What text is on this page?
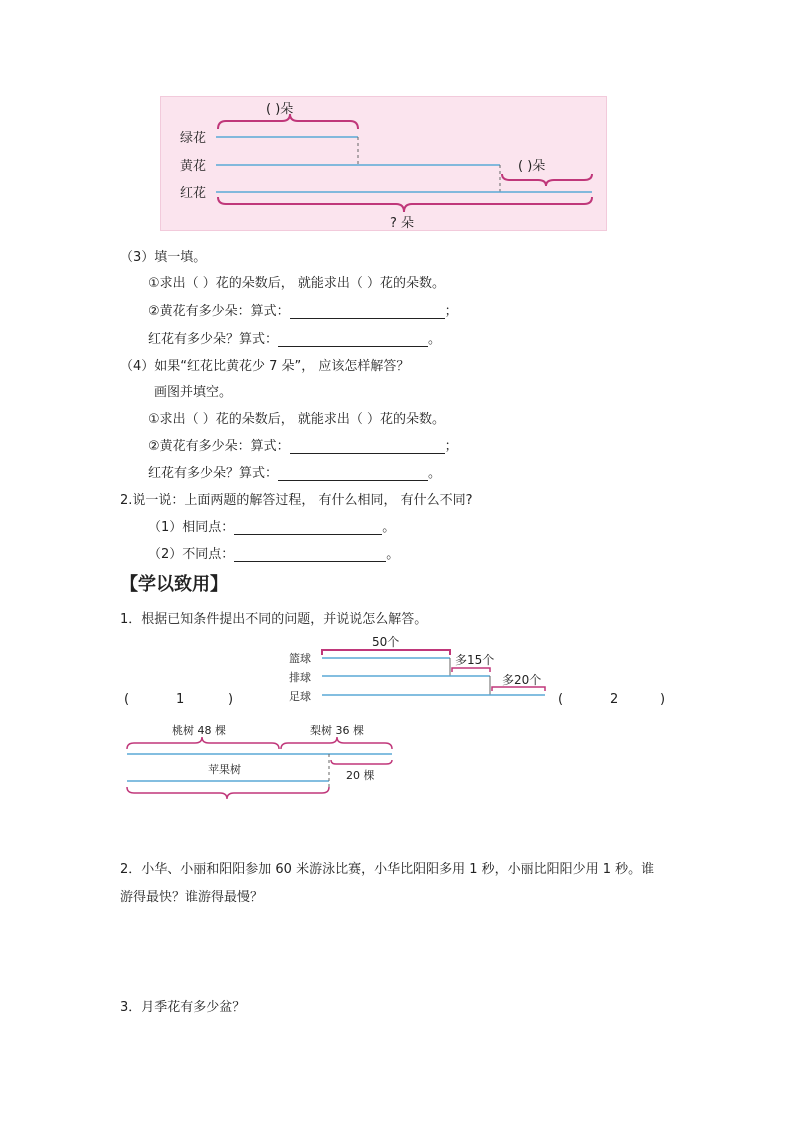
( )朵
绿花
黄花
红花
( )朵
? 朵
（3）填一填。
①求出（ ）花的朵数后， 就能求出（ ）花的朵数。
②黄花有多少朵：算式：	；
红花有多少朵？算式：	。
（4）如果“红花比黄花少 7 朵”， 应该怎样解答？
画图并填空。
①求出（ ）花的朵数后， 就能求出（ ）花的朵数。
②黄花有多少朵：算式：	；
红花有多少朵？算式：	。
2.说一说：上面两题的解答过程， 有什么相同， 有什么不同?
（1）相同点：	。
（2）不同点：	。
【学以致用】
1．根据已知条件提出不同的问题，并说说怎么解答。
50个
篮球
排球
足球
多15个
多20个
(	1	)	(	2	)
桃树 48 棵	梨树 36 棵
苹果树	20 棵
2．小华、小丽和阳阳参加 60 米游泳比赛，小华比阳阳多用 1 秒，小丽比阳阳少用 1 秒。谁
游得最快？谁游得最慢？
3．月季花有多少盆？
